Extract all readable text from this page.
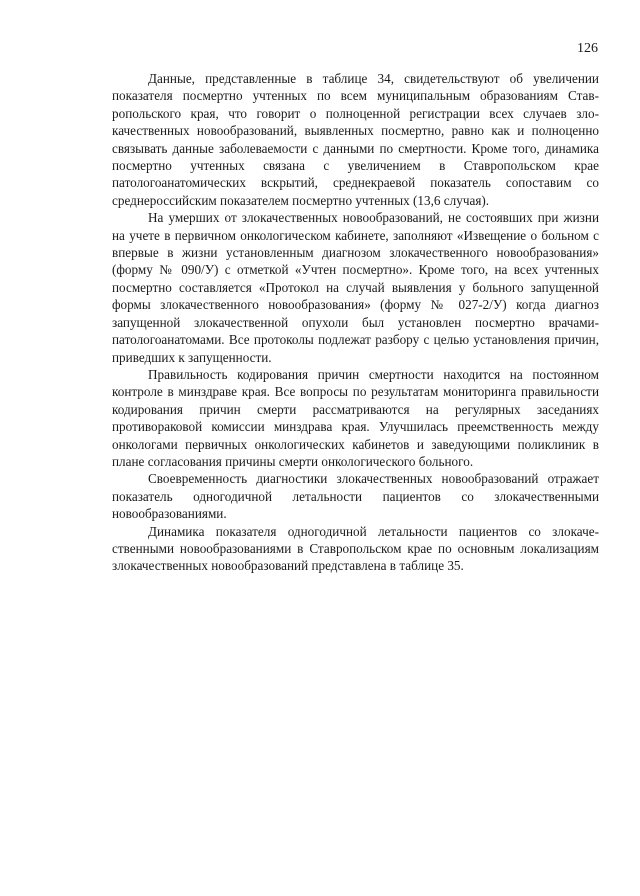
126

Данные, представленные в таблице 34, свидетельствуют об увеличении показателя посмертно учтенных по всем муниципальным образованиям Ставропольского края, что говорит о полноценной регистрации всех случаев злокачественных новообразований, выявленных посмертно, равно как и полноценно связывать данные заболеваемости с данными по смертности. Кроме того, динамика посмертно учтенных связана с увеличением в Ставропольском крае патологоанатомических вскрытий, среднекраевой показатель сопоставим со среднероссийским показателем посмертно учтенных (13,6 случая).

На умерших от злокачественных новообразований, не состоявших при жизни на учете в первичном онкологическом кабинете, заполняют «Извещение о больном с впервые в жизни установленным диагнозом злокачественного новообразования» (форму № 090/У) с отметкой «Учтен посмертно». Кроме того, на всех учтенных посмертно составляется «Протокол на случай выявления у больного запущенной формы злокачественного новообразования» (форму № 027-2/У) когда диагноз запущенной злокачественной опухоли был установлен посмертно врачами-патологоанатомами. Все протоколы подлежат разбору с целью установления причин, приведших к запущенности.

Правильность кодирования причин смертности находится на постоянном контроле в минздраве края. Все вопросы по результатам мониторинга правильности кодирования причин смерти рассматриваются на регулярных заседаниях противораковой комиссии минздрава края. Улучшилась преемственность между онкологами первичных онкологических кабинетов и заведующими поликлиник в плане согласования причины смерти онкологического больного.

Своевременность диагностики злокачественных новообразований отражает показатель одногодичной летальности пациентов со злокачественными новообразованиями.

Динамика показателя одногодичной летальности пациентов со злокачественными новообразованиями в Ставропольском крае по основным локализациям злокачественных новообразований представлена в таблице 35.
